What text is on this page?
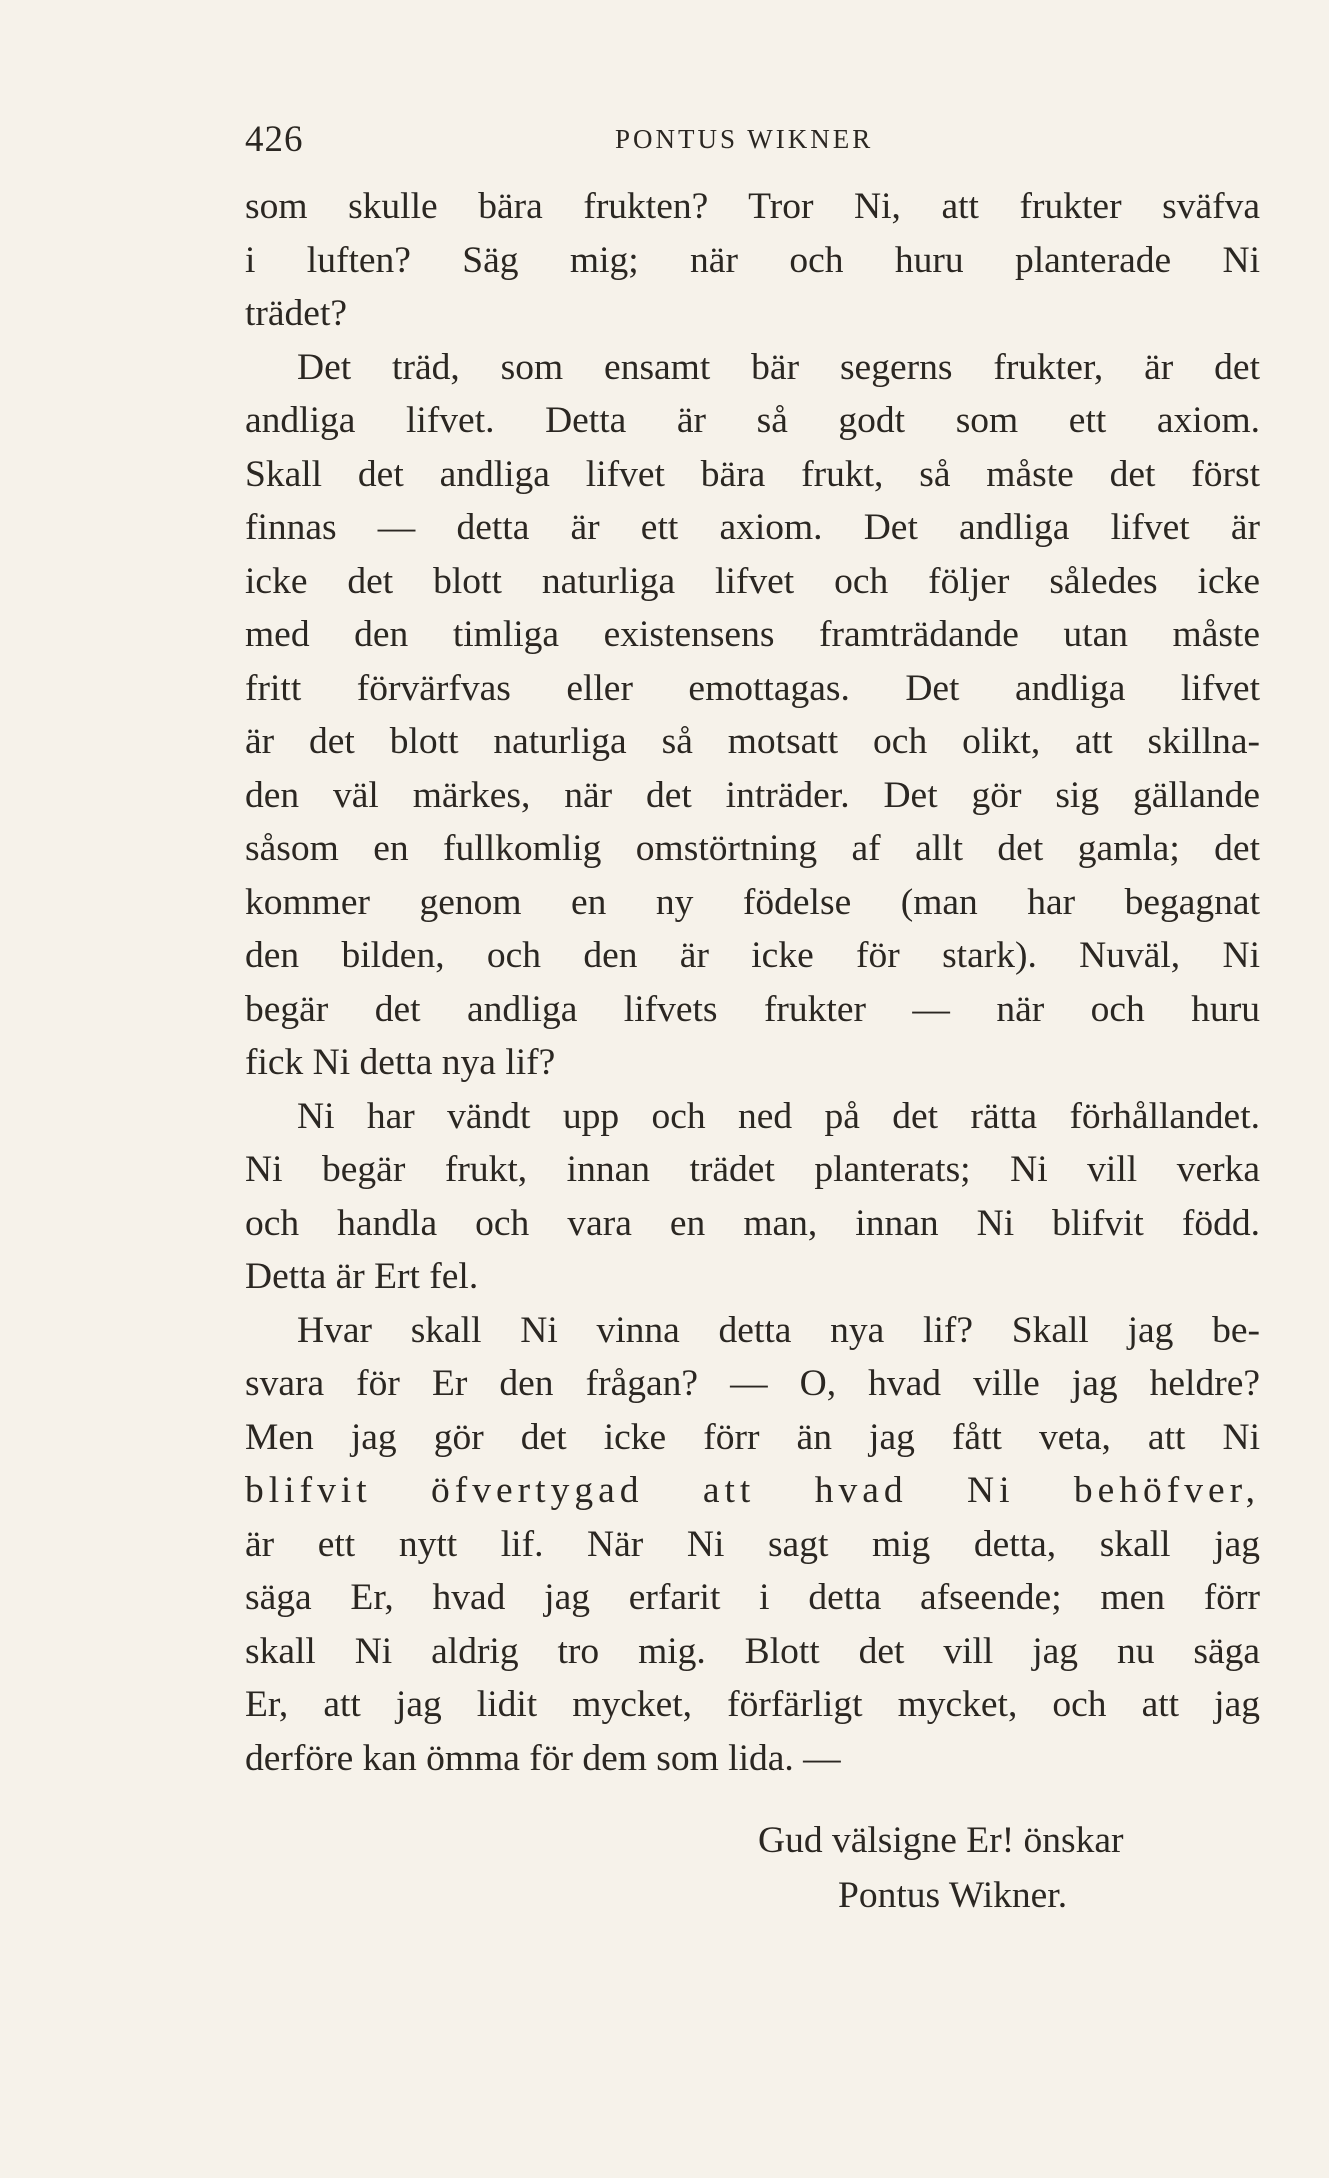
426	PONTUS WIKNER
som skulle bära frukten? Tror Ni, att frukter sväfva
i luften? Säg mig; när och huru planterade Ni
trädet?
Det träd, som ensamt bär segerns frukter, är det
andliga lifvet. Detta är så godt som ett axiom.
Skall det andliga lifvet bära frukt, så måste det först
finnas — detta är ett axiom. Det andliga lifvet är
icke det blott naturliga lifvet och följer således icke
med den timliga existensens framträdande utan måste
fritt förvärfvas eller emottagas. Det andliga lifvet
är det blott naturliga så motsatt och olikt, att skillna-
den väl märkes, när det inträder. Det gör sig gällande
såsom en fullkomlig omstörtning af allt det gamla; det
kommer genom en ny födelse (man har begagnat
den bilden, och den är icke för stark). Nuväl, Ni
begär det andliga lifvets frukter — när och huru
fick Ni detta nya lif?
Ni har vändt upp och ned på det rätta förhållandet.
Ni begär frukt, innan trädet planterats; Ni vill verka
och handla och vara en man, innan Ni blifvit född.
Detta är Ert fel.
Hvar skall Ni vinna detta nya lif? Skall jag be-
svara för Er den frågan? — O, hvad ville jag heldre?
Men jag gör det icke förr än jag fått veta, att Ni
blifvit öfvertygad att hvad Ni behöfver,
är ett nytt lif. När Ni sagt mig detta, skall jag
säga Er, hvad jag erfarit i detta afseende; men förr
skall Ni aldrig tro mig. Blott det vill jag nu säga
Er, att jag lidit mycket, förfärligt mycket, och att jag
derföre kan ömma för dem som lida. —
Gud välsigne Er! önskar
Pontus Wikner.
